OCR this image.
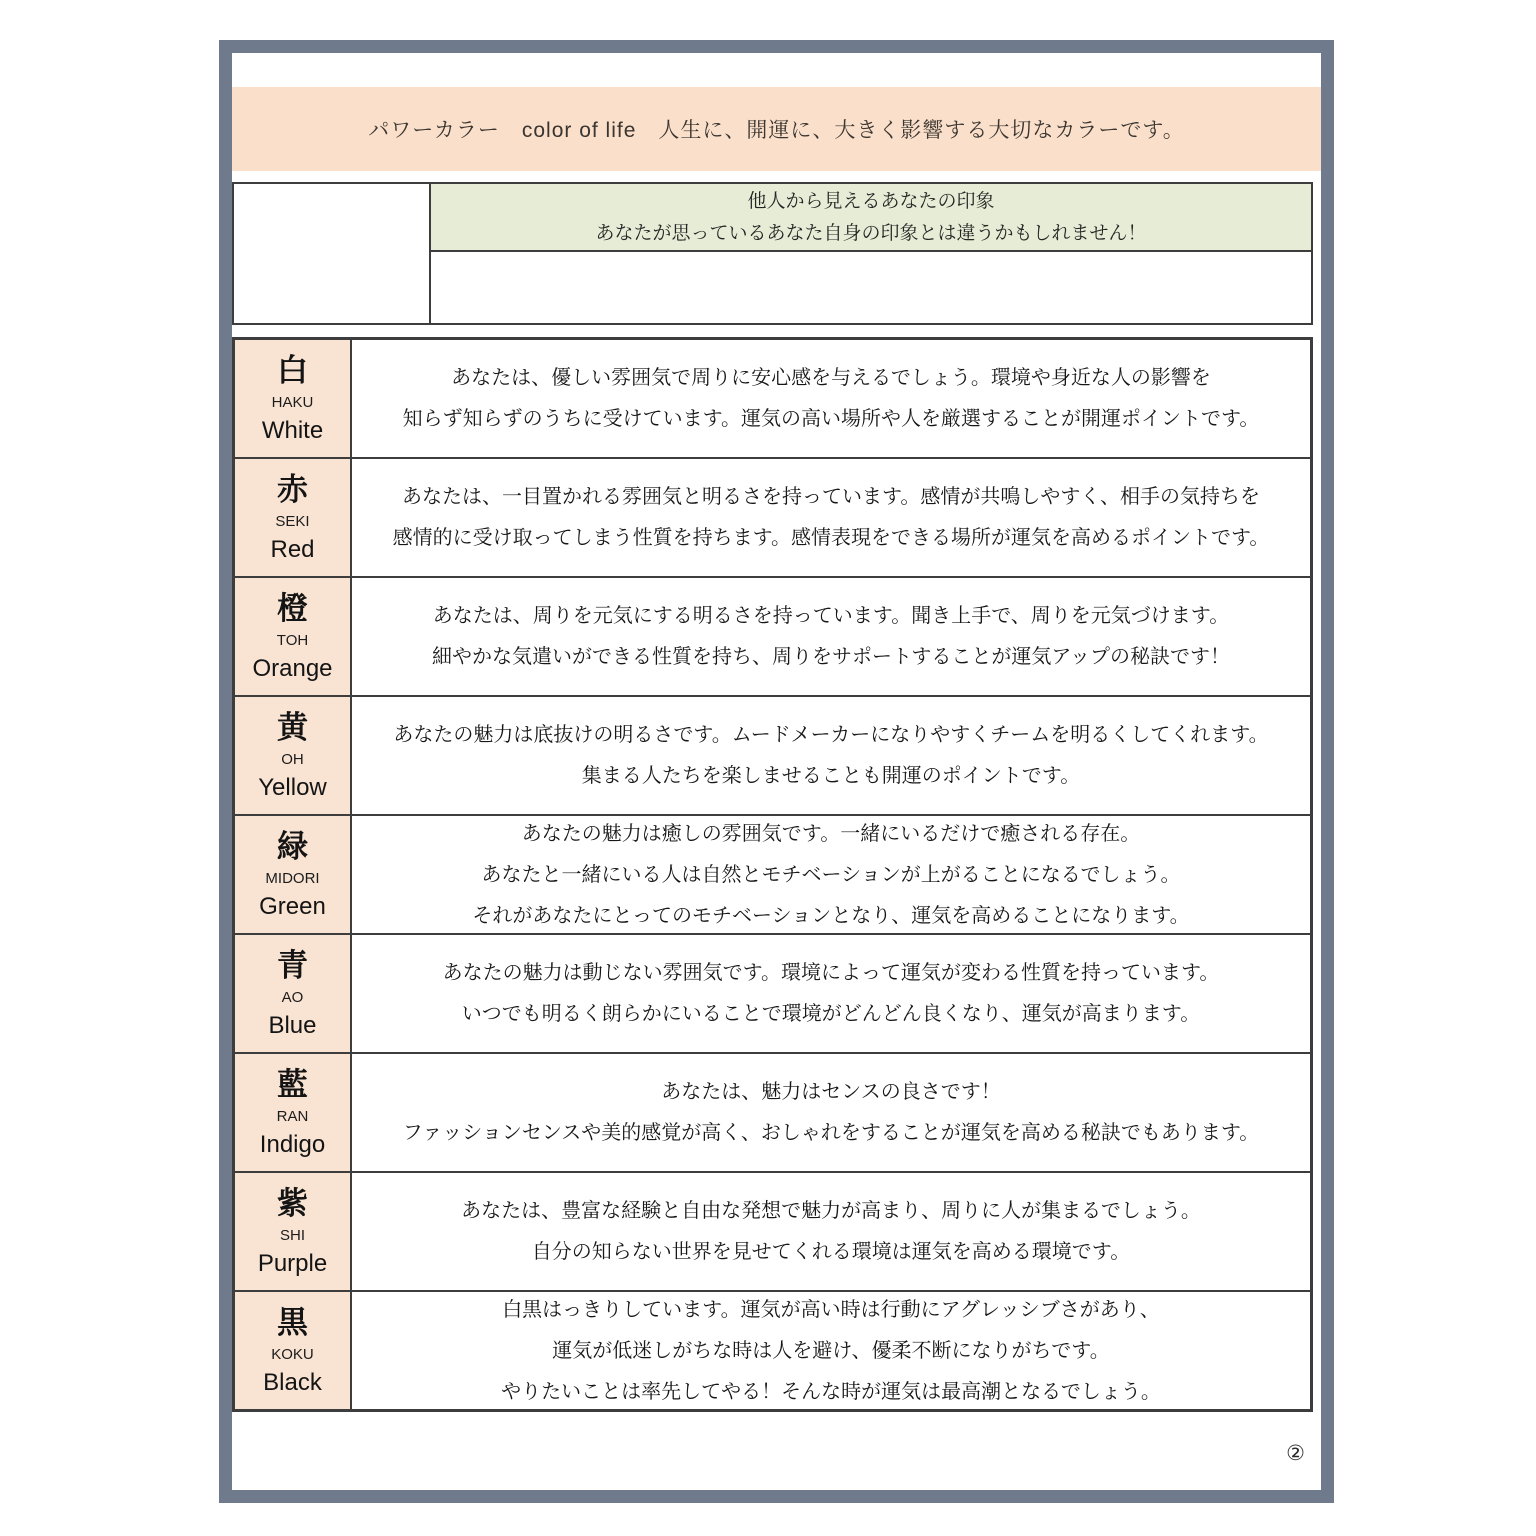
パワーカラー　color of life　人生に、開運に、大きく影響する大切なカラーです。
他人から見えるあなたの印象
あなたが思っているあなた自身の印象とは違うかもしれません！
白
HAKU
White
あなたは、優しい雰囲気で周りに安心感を与えるでしょう。環境や身近な人の影響を
知らず知らずのうちに受けています。運気の高い場所や人を厳選することが開運ポイントです。
赤
SEKI
Red
あなたは、一目置かれる雰囲気と明るさを持っています。感情が共鳴しやすく、相手の気持ちを
感情的に受け取ってしまう性質を持ちます。感情表現をできる場所が運気を高めるポイントです。
橙
TOH
Orange
あなたは、周りを元気にする明るさを持っています。聞き上手で、周りを元気づけます。
細やかな気遣いができる性質を持ち、周りをサポートすることが運気アップの秘訣です！
黄
OH
Yellow
あなたの魅力は底抜けの明るさです。ムードメーカーになりやすくチームを明るくしてくれます。
集まる人たちを楽しませることも開運のポイントです。
緑
MIDORI
Green
あなたの魅力は癒しの雰囲気です。一緒にいるだけで癒される存在。
あなたと一緒にいる人は自然とモチベーションが上がることになるでしょう。
それがあなたにとってのモチベーションとなり、運気を高めることになります。
青
AO
Blue
あなたの魅力は動じない雰囲気です。環境によって運気が変わる性質を持っています。
いつでも明るく朗らかにいることで環境がどんどん良くなり、運気が高まります。
藍
RAN
Indigo
あなたは、魅力はセンスの良さです！
ファッションセンスや美的感覚が高く、おしゃれをすることが運気を高める秘訣でもあります。
紫
SHI
Purple
あなたは、豊富な経験と自由な発想で魅力が高まり、周りに人が集まるでしょう。
自分の知らない世界を見せてくれる環境は運気を高める環境です。
黒
KOKU
Black
白黒はっきりしています。運気が高い時は行動にアグレッシブさがあり、
運気が低迷しがちな時は人を避け、優柔不断になりがちです。
やりたいことは率先してやる！そんな時が運気は最高潮となるでしょう。
②
